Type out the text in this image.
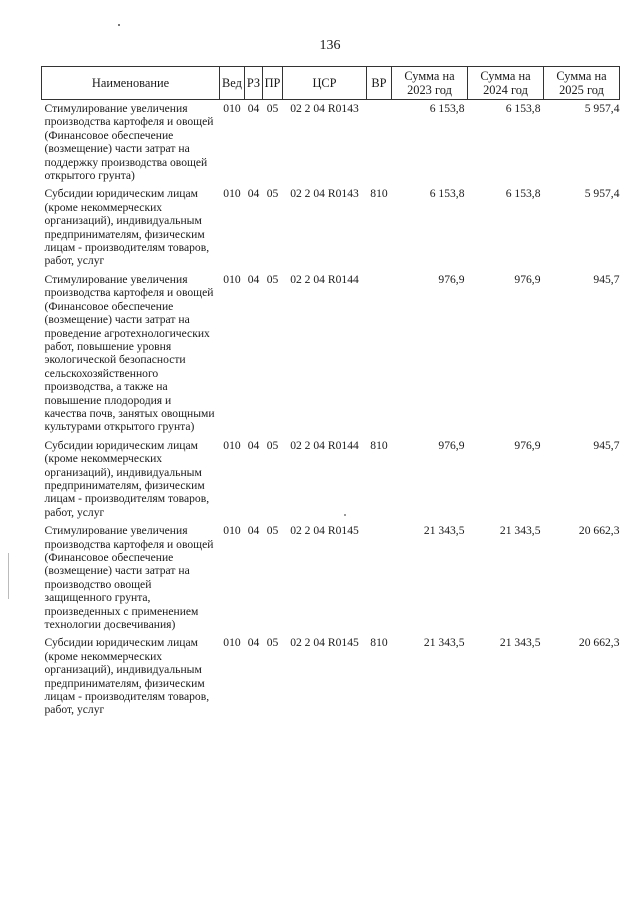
136
Наименование	Вед	РЗ	ПР	ЦСР	ВР	Сумма на 2023 год	Сумма на 2024 год	Сумма на 2025 год
Стимулирование увеличения производства картофеля и овощей (Финансовое обеспечение (возмещение) части затрат на поддержку производства овощей открытого грунта)	010	04	05	02 2 04 R0143		6 153,8	6 153,8	5 957,4
Субсидии юридическим лицам (кроме некоммерческих организаций), индивидуальным предпринимателям, физическим лицам - производителям товаров, работ, услуг	010	04	05	02 2 04 R0143	810	6 153,8	6 153,8	5 957,4
Стимулирование увеличения производства картофеля и овощей (Финансовое обеспечение (возмещение) части затрат на проведение агротехнологических работ, повышение уровня экологической безопасности сельскохозяйственного производства, а также на повышение плодородия и качества почв, занятых овощными культурами открытого грунта)	010	04	05	02 2 04 R0144		976,9	976,9	945,7
Субсидии юридическим лицам (кроме некоммерческих организаций), индивидуальным предпринимателям, физическим лицам - производителям товаров, работ, услуг	010	04	05	02 2 04 R0144	810	976,9	976,9	945,7
Стимулирование увеличения производства картофеля и овощей (Финансовое обеспечение (возмещение) части затрат на производство овощей защищенного грунта, произведенных с применением технологии досвечивания)	010	04	05	02 2 04 R0145		21 343,5	21 343,5	20 662,3
Субсидии юридическим лицам (кроме некоммерческих организаций), индивидуальным предпринимателям, физическим лицам - производителям товаров, работ, услуг	010	04	05	02 2 04 R0145	810	21 343,5	21 343,5	20 662,3
